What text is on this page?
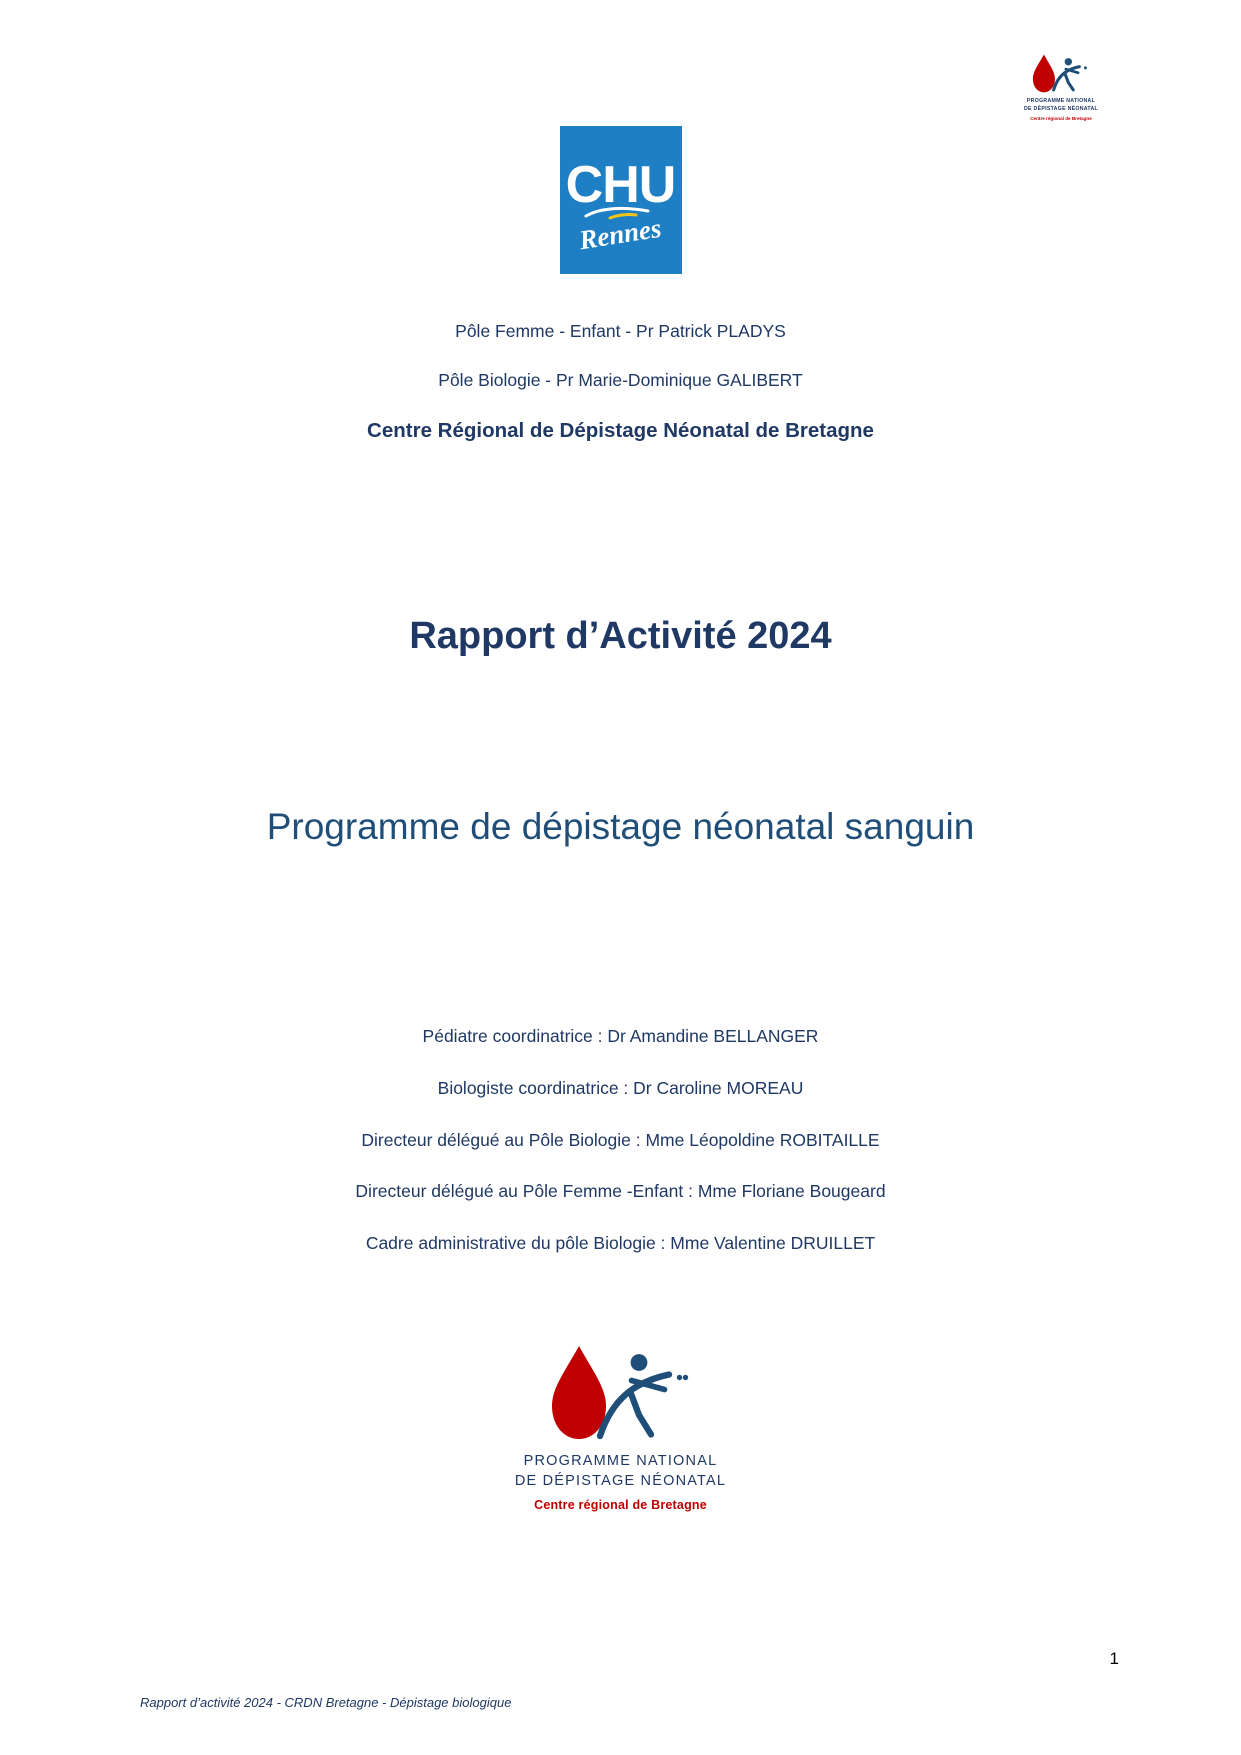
PROGRAMME NATIONAL
DE DÉPISTAGE NÉONATAL
Centre régional de Bretagne
CHU
Rennes

Pôle Femme - Enfant - Pr Patrick PLADYS

Pôle Biologie - Pr Marie-Dominique GALIBERT

Centre Régional de Dépistage Néonatal de Bretagne

Rapport d’Activité 2024
Programme de dépistage néonatal sanguin

Pédiatre coordinatrice : Dr Amandine BELLANGER

Biologiste coordinatrice : Dr Caroline MOREAU

Directeur délégué au Pôle Biologie : Mme Léopoldine ROBITAILLE

Directeur délégué au Pôle Femme -Enfant : Mme Floriane Bougeard

Cadre administrative du pôle Biologie : Mme Valentine DRUILLET

PROGRAMME NATIONAL
DE DÉPISTAGE NÉONATAL
Centre régional de Bretagne
1
Rapport d’activité 2024 - CRDN Bretagne - Dépistage biologique
